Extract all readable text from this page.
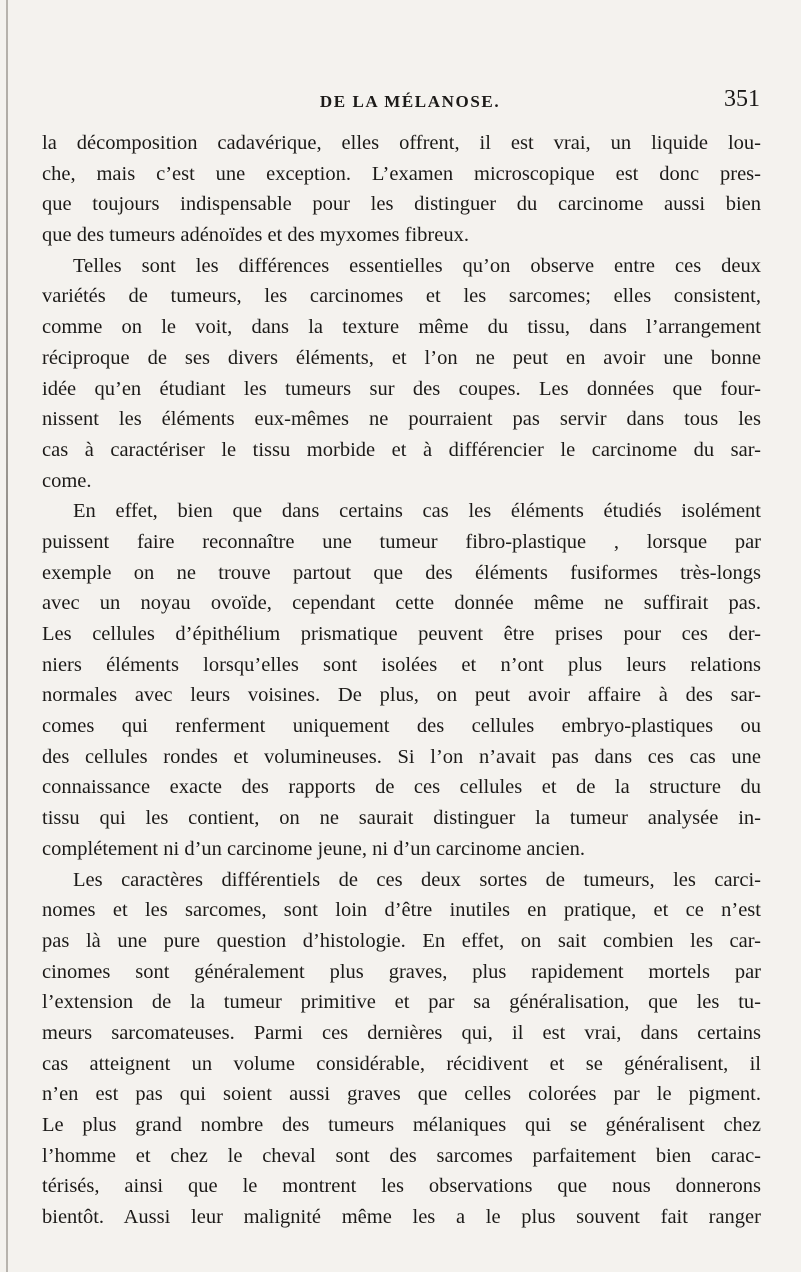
DE LA MÉLANOSE.	351
la décomposition cadavérique, elles offrent, il est vrai, un liquide lou-
che, mais c’est une exception. L’examen microscopique est donc pres-
que toujours indispensable pour les distinguer du carcinome aussi bien
que des tumeurs adénoïdes et des myxomes fibreux.
Telles sont les différences essentielles qu’on observe entre ces deux
variétés de tumeurs, les carcinomes et les sarcomes; elles consistent,
comme on le voit, dans la texture même du tissu, dans l’arrangement
réciproque de ses divers éléments, et l’on ne peut en avoir une bonne
idée qu’en étudiant les tumeurs sur des coupes. Les données que four-
nissent les éléments eux-mêmes ne pourraient pas servir dans tous les
cas à caractériser le tissu morbide et à différencier le carcinome du sar-
come.
En effet, bien que dans certains cas les éléments étudiés isolément
puissent faire reconnaître une tumeur fibro-plastique , lorsque par
exemple on ne trouve partout que des éléments fusiformes très-longs
avec un noyau ovoïde, cependant cette donnée même ne suffirait pas.
Les cellules d’épithélium prismatique peuvent être prises pour ces der-
niers éléments lorsqu’elles sont isolées et n’ont plus leurs relations
normales avec leurs voisines. De plus, on peut avoir affaire à des sar-
comes qui renferment uniquement des cellules embryo-plastiques ou
des cellules rondes et volumineuses. Si l’on n’avait pas dans ces cas une
connaissance exacte des rapports de ces cellules et de la structure du
tissu qui les contient, on ne saurait distinguer la tumeur analysée in-
complétement ni d’un carcinome jeune, ni d’un carcinome ancien.
Les caractères différentiels de ces deux sortes de tumeurs, les carci-
nomes et les sarcomes, sont loin d’être inutiles en pratique, et ce n’est
pas là une pure question d’histologie. En effet, on sait combien les car-
cinomes sont généralement plus graves, plus rapidement mortels par
l’extension de la tumeur primitive et par sa généralisation, que les tu-
meurs sarcomateuses. Parmi ces dernières qui, il est vrai, dans certains
cas atteignent un volume considérable, récidivent et se généralisent, il
n’en est pas qui soient aussi graves que celles colorées par le pigment.
Le plus grand nombre des tumeurs mélaniques qui se généralisent chez
l’homme et chez le cheval sont des sarcomes parfaitement bien carac-
térisés, ainsi que le montrent les observations que nous donnerons
bientôt. Aussi leur malignité même les a le plus souvent fait ranger
